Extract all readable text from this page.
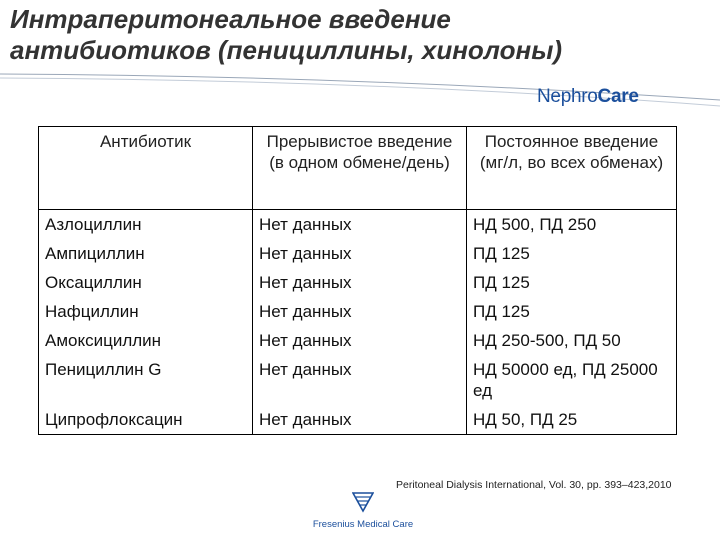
Интраперитонеальное введение
антибиотиков (пенициллины, хинолоны)
NephroCare
Антибиотик	Прерывистое введение (в одном обмене/день)	Постоянное введение (мг/л, во всех обменах)
Азлоциллин	Нет данных	НД 500, ПД 250
Ампициллин	Нет данных	ПД 125
Оксациллин	Нет данных	ПД 125
Нафциллин	Нет данных	ПД 125
Амоксициллин	Нет данных	НД 250-500, ПД 50
Пенициллин G	Нет данных	НД 50000 ед, ПД 25000 ед
Ципрофлоксацин	Нет данных	НД 50, ПД 25
Peritoneal Dialysis International, Vol. 30, pp. 393–423,2010
Fresenius Medical Care
